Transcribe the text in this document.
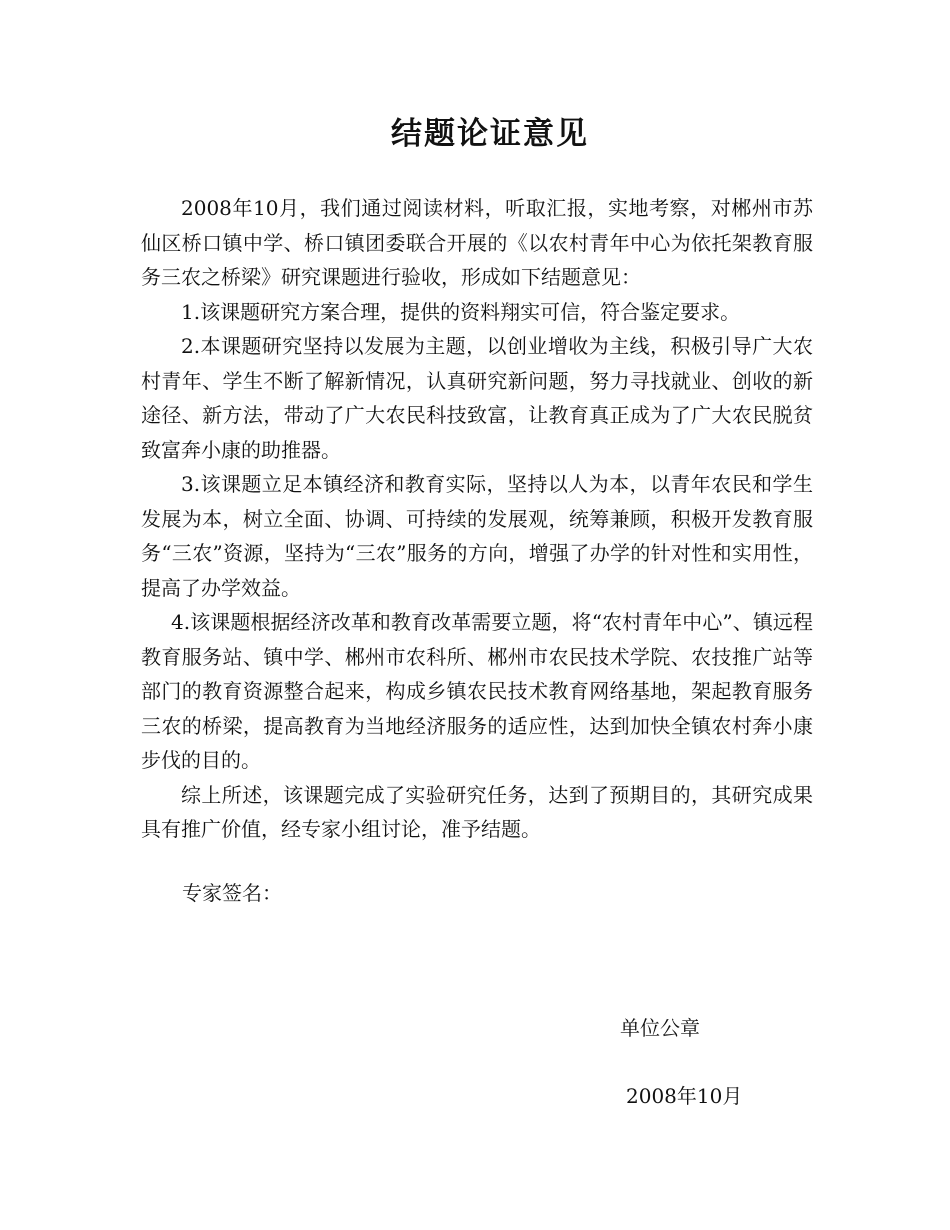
结题论证意见

2008年10月，我们通过阅读材料，听取汇报，实地考察，对郴州市苏仙区桥口镇中学、桥口镇团委联合开展的《以农村青年中心为依托架教育服务三农之桥梁》研究课题进行验收，形成如下结题意见：

1.该课题研究方案合理，提供的资料翔实可信，符合鉴定要求。

2.本课题研究坚持以发展为主题，以创业增收为主线，积极引导广大农村青年、学生不断了解新情况，认真研究新问题，努力寻找就业、创收的新途径、新方法，带动了广大农民科技致富，让教育真正成为了广大农民脱贫致富奔小康的助推器。

3.该课题立足本镇经济和教育实际，坚持以人为本，以青年农民和学生发展为本，树立全面、协调、可持续的发展观，统筹兼顾，积极开发教育服务“三农”资源，坚持为“三农”服务的方向，增强了办学的针对性和实用性，提高了办学效益。

4.该课题根据经济改革和教育改革需要立题，将“农村青年中心”、镇远程教育服务站、镇中学、郴州市农科所、郴州市农民技术学院、农技推广站等部门的教育资源整合起来，构成乡镇农民技术教育网络基地，架起教育服务三农的桥梁，提高教育为当地经济服务的适应性，达到加快全镇农村奔小康步伐的目的。

综上所述，该课题完成了实验研究任务，达到了预期目的，其研究成果具有推广价值，经专家小组讨论，准予结题。

专家签名：
单位公章
2008年10月
